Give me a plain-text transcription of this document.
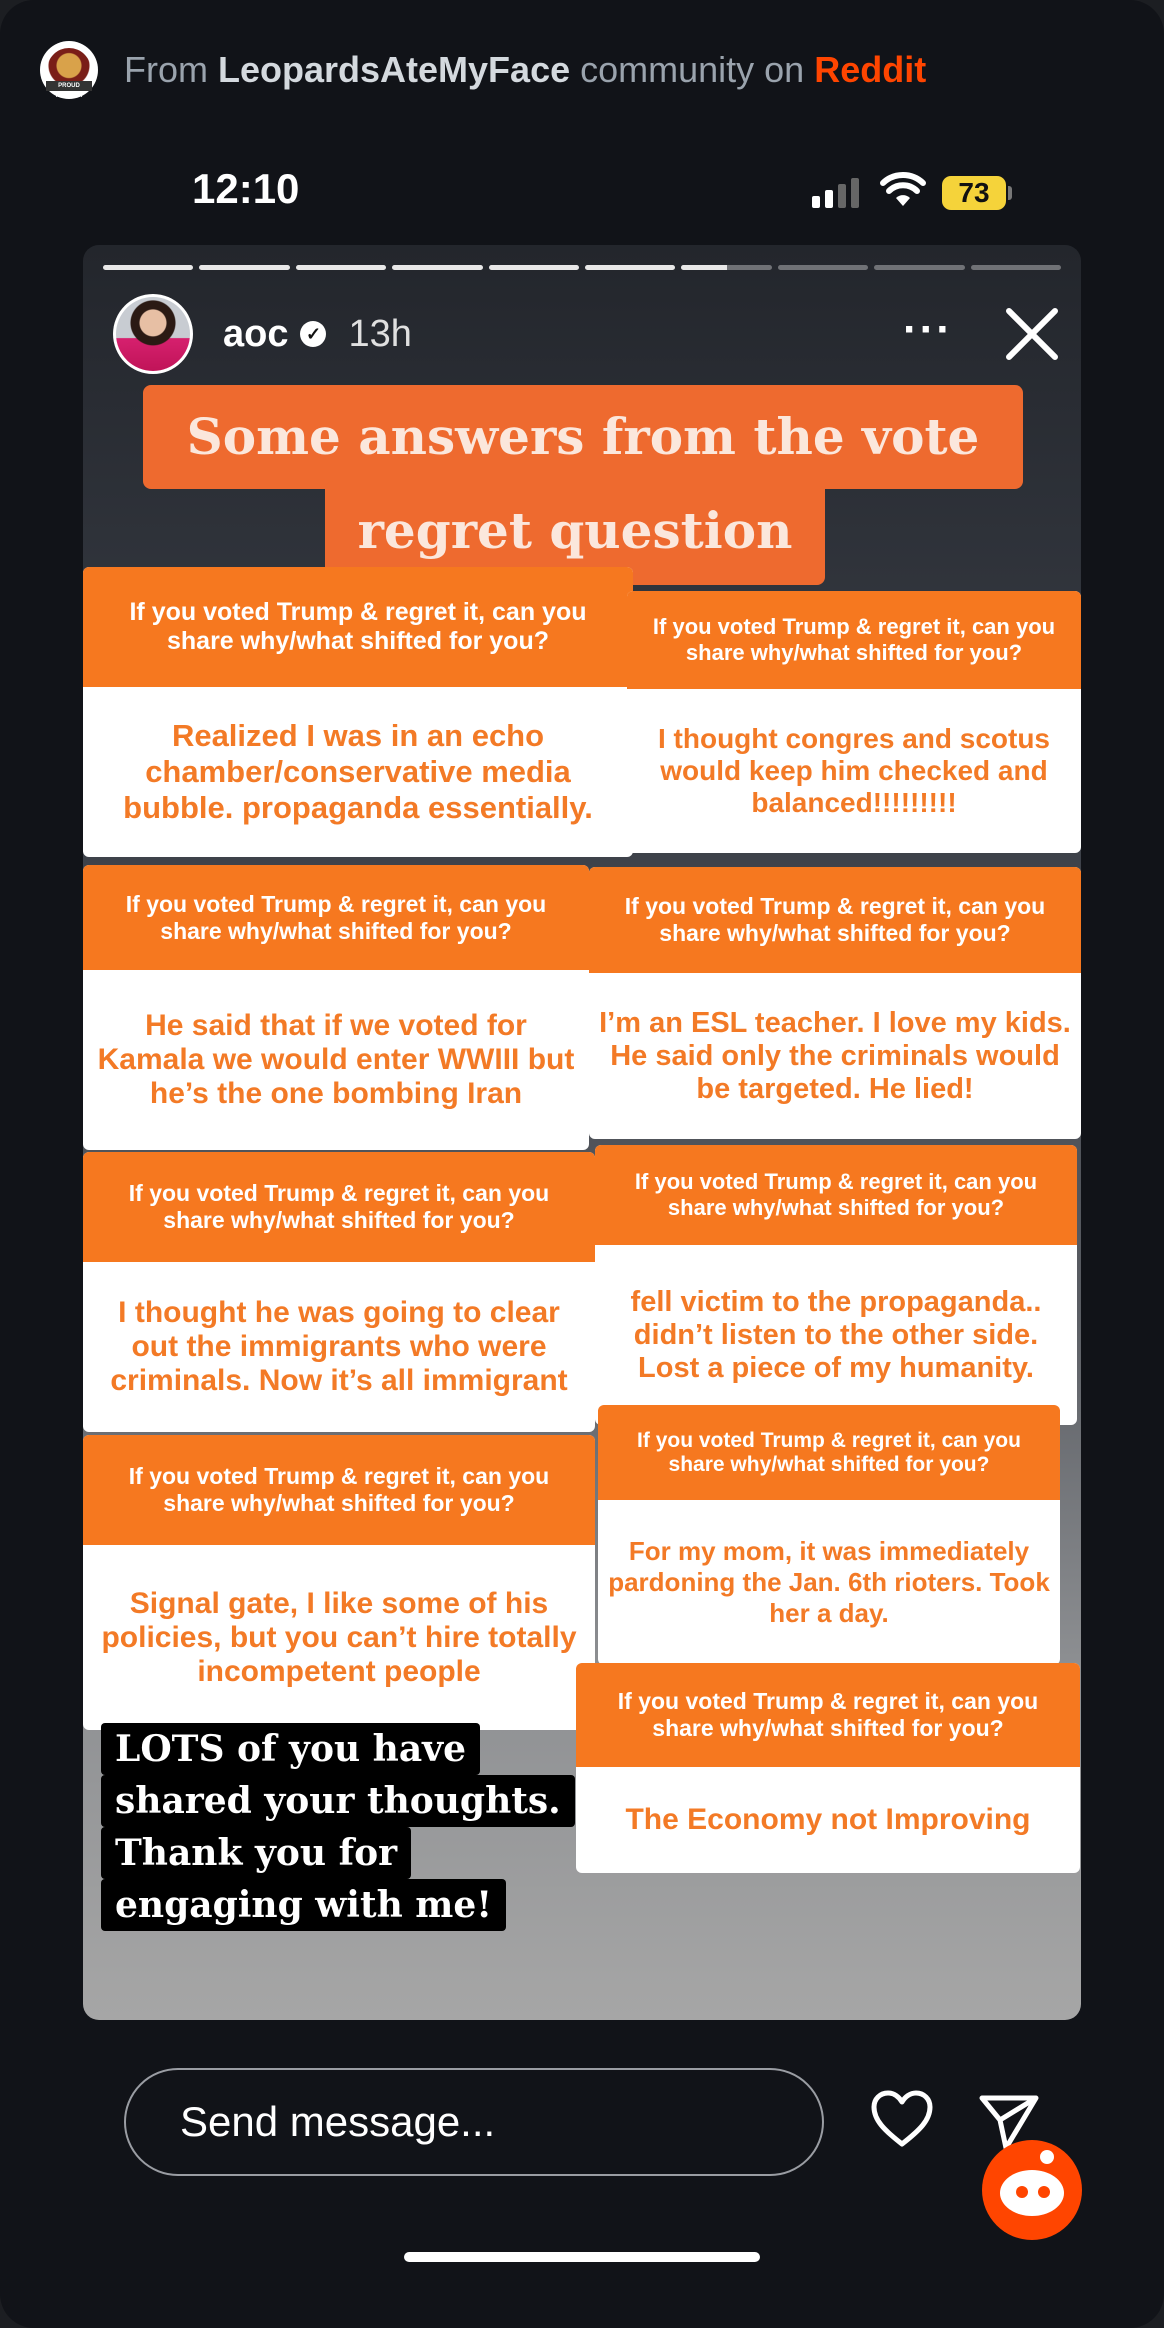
PROUD MEMBER
From LeopardsAteMyFace community on Reddit
12:10	73
aoc ✓ 13h	···
Some answers from the vote
regret question
If you voted Trump & regret it, can you share why/what shifted for you?
Realized I was in an echo chamber/conservative media bubble. propaganda essentially.
If you voted Trump & regret it, can you share why/what shifted for you?
He said that if we voted for Kamala we would enter WWIII but he’s the one bombing Iran
If you voted Trump & regret it, can you share why/what shifted for you?
I thought he was going to clear out the immigrants who were criminals. Now it’s all immigrant
If you voted Trump & regret it, can you share why/what shifted for you?
Signal gate, I like some of his policies, but you can’t hire totally incompetent people
If you voted Trump & regret it, can you share why/what shifted for you?
I thought congres and scotus would keep him checked and balanced!!!!!!!!!
If you voted Trump & regret it, can you share why/what shifted for you?
I’m an ESL teacher. I love my kids. He said only the criminals would be targeted. He lied!
If you voted Trump & regret it, can you share why/what shifted for you?
fell victim to the propaganda.. didn’t listen to the other side. Lost a piece of my humanity.
If you voted Trump & regret it, can you share why/what shifted for you?
For my mom, it was immediately pardoning the Jan. 6th rioters. Took her a day.
If you voted Trump & regret it, can you share why/what shifted for you?
The Economy not Improving
LOTS of you have
shared your thoughts.
Thank you for
engaging with me!
Send message...
